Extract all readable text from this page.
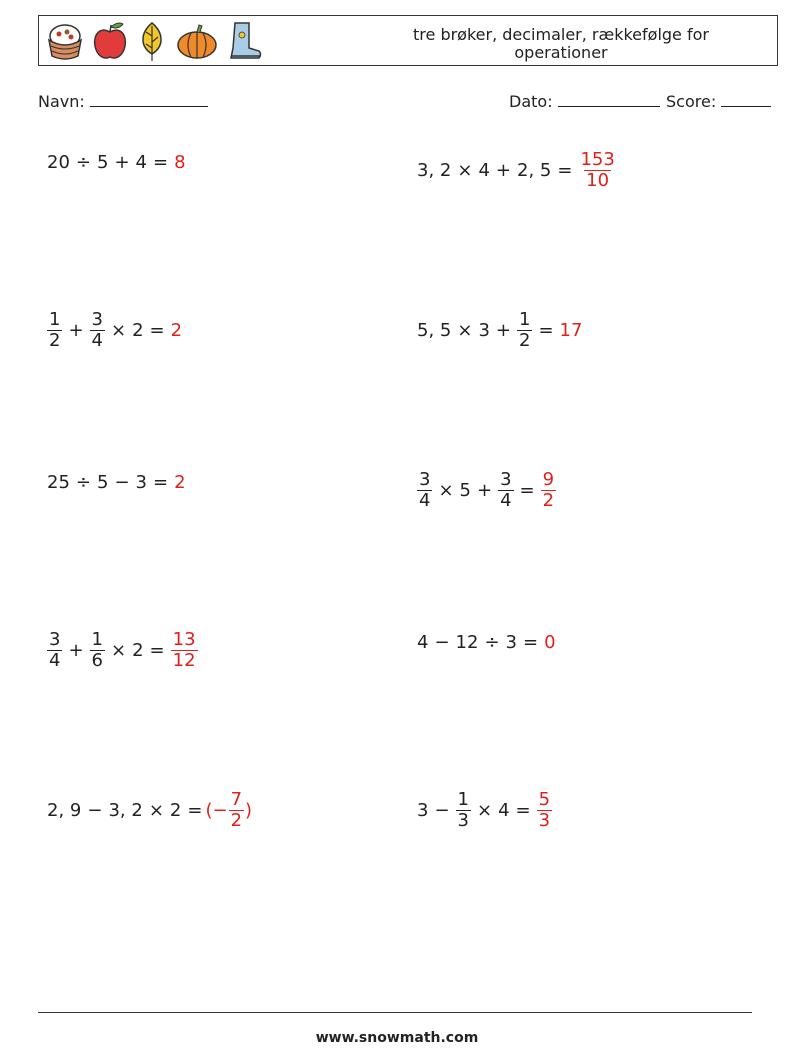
tre brøker, decimaler, rækkefølge for
operationer
Navn:	Dato:	Score:
20 ÷ 5 + 4 = 8	3, 2 × 4 + 2, $5 = \frac{153}{10}$
$\frac{1}{2} + \frac{3}{4} \times 2 = 2$	5, $5 \times 3 + \frac{1}{2} = 17$
25 ÷ 5 − 3 = 2	$\frac{3}{4} \times 5 + \frac{3}{4} = \frac{9}{2}$
$\frac{3}{4} + \frac{1}{6} \times 2 = \frac{13}{12}$	4 − 12 ÷ 3 = 0
2, 9 − 3, 2 × 2 = (− $\frac{7}{2}$ )	$3 - \frac{1}{3} \times 4 = \frac{5}{3}$
www.snowmath.com
